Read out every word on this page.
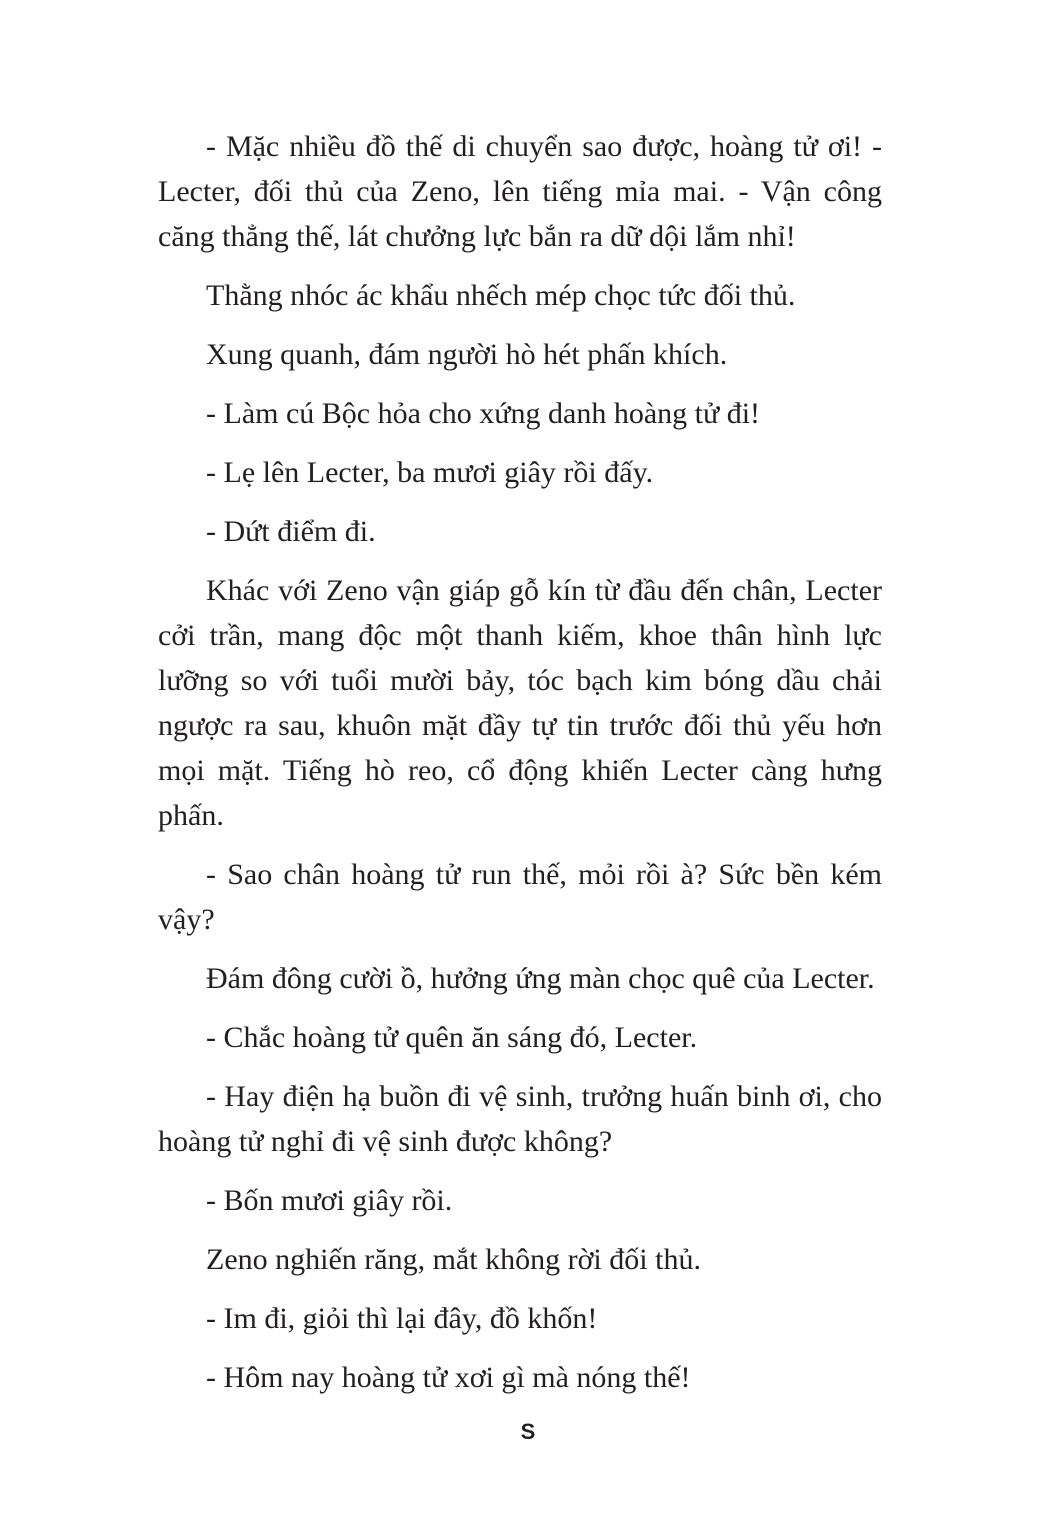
- Mặc nhiều đồ thế di chuyển sao được, hoàng tử ơi! - Lecter, đối thủ của Zeno, lên tiếng mỉa mai. - Vận công căng thẳng thế, lát chưởng lực bắn ra dữ dội lắm nhỉ!

Thằng nhóc ác khẩu nhếch mép chọc tức đối thủ.

Xung quanh, đám người hò hét phấn khích.

- Làm cú Bộc hỏa cho xứng danh hoàng tử đi!

- Lẹ lên Lecter, ba mươi giây rồi đấy.

- Dứt điểm đi.

Khác với Zeno vận giáp gỗ kín từ đầu đến chân, Lecter cởi trần, mang độc một thanh kiếm, khoe thân hình lực lưỡng so với tuổi mười bảy, tóc bạch kim bóng dầu chải ngược ra sau, khuôn mặt đầy tự tin trước đối thủ yếu hơn mọi mặt. Tiếng hò reo, cổ động khiến Lecter càng hưng phấn.

- Sao chân hoàng tử run thế, mỏi rồi à? Sức bền kém vậy?

Đám đông cười ồ, hưởng ứng màn chọc quê của Lecter.

- Chắc hoàng tử quên ăn sáng đó, Lecter.

- Hay điện hạ buồn đi vệ sinh, trưởng huấn binh ơi, cho hoàng tử nghỉ đi vệ sinh được không?

- Bốn mươi giây rồi.

Zeno nghiến răng, mắt không rời đối thủ.

- Im đi, giỏi thì lại đây, đồ khốn!

- Hôm nay hoàng tử xơi gì mà nóng thế!

S
